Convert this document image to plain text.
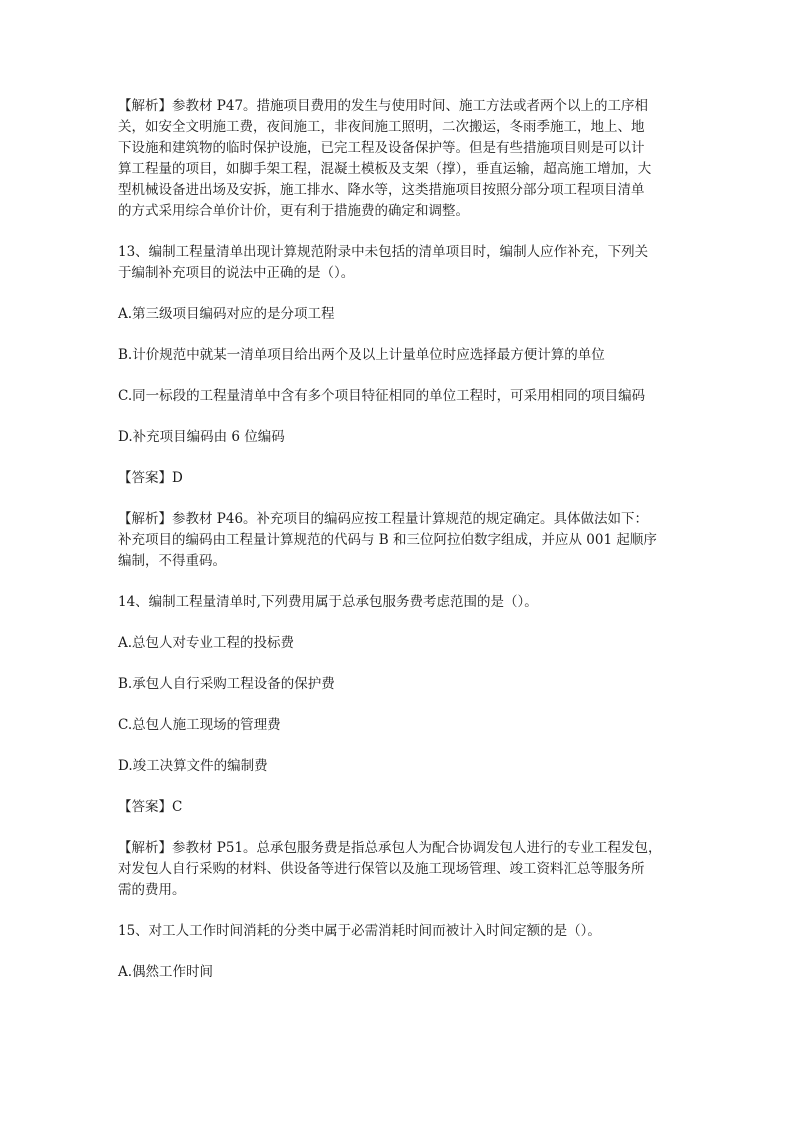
【解析】参教材 P47。措施项目费用的发生与使用时间、施工方法或者两个以上的工序相
关，如安全文明施工费，夜间施工，非夜间施工照明，二次搬运，冬雨季施工，地上、地
下设施和建筑物的临时保护设施，已完工程及设备保护等。但是有些措施项目则是可以计
算工程量的项目，如脚手架工程，混凝土模板及支架（撑），垂直运输，超高施工增加，大
型机械设备进出场及安拆，施工排水、降水等，这类措施项目按照分部分项工程项目清单
的方式采用综合单价计价，更有利于措施费的确定和调整。
13、编制工程量清单出现计算规范附录中未包括的清单项目时，编制人应作补充，下列关
于编制补充项目的说法中正确的是（）。
A.第三级项目编码对应的是分项工程
B.计价规范中就某一清单项目给出两个及以上计量单位时应选择最方便计算的单位
C.同一标段的工程量清单中含有多个项目特征相同的单位工程时，可采用相同的项目编码
D.补充项目编码由 6 位编码
【答案】D
【解析】参教材 P46。补充项目的编码应按工程量计算规范的规定确定。具体做法如下：
补充项目的编码由工程量计算规范的代码与 B 和三位阿拉伯数字组成，并应从 001 起顺序
编制，不得重码。
14、编制工程量清单时,下列费用属于总承包服务费考虑范围的是（）。
A.总包人对专业工程的投标费
B.承包人自行采购工程设备的保护费
C.总包人施工现场的管理费
D.竣工决算文件的编制费
【答案】C
【解析】参教材 P51。总承包服务费是指总承包人为配合协调发包人进行的专业工程发包，
对发包人自行采购的材料、供设备等进行保管以及施工现场管理、竣工资料汇总等服务所
需的费用。
15、对工人工作时间消耗的分类中属于必需消耗时间而被计入时间定额的是（）。
A.偶然工作时间
